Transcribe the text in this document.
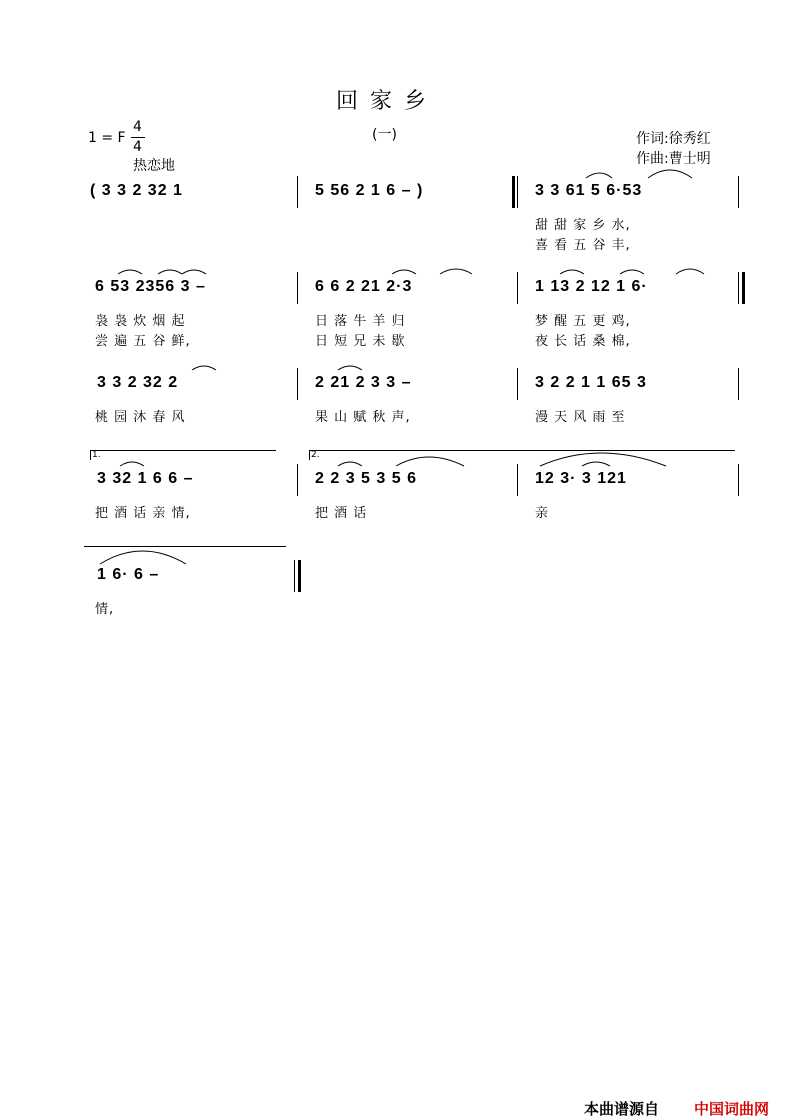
回家乡
(一)
1 = F
4
4
热恋地
作词:徐秀红
作曲:曹士明
( 3 3 2 32 1	5 56 2 1 6 – )	3 3 61 5 6·53
甜 甜 家 乡 水,
喜 看 五 谷 丰,
6 53 2356 3 –	6 6 2 21 2·3	1 13 2 12 1 6·
袅 袅 炊 烟 起	日 落 牛 羊 归	梦 醒 五 更 鸡,
尝 遍 五 谷 鲜,	日 短 兄 未 歇	夜 长 话 桑 棉,
3 3 2 32 2	2 21 2 3 3 –	3 2 2 1 1 65 3
桃 园 沐 春 风	果 山 赋 秋 声,	漫 天 风 雨 至
1.	2.
3 32 1 6 6 –	2 2 3 5 3 5 6	12 3· 3 121
把 酒 话 亲 情,	把 酒 话	亲
1 6· 6 –
情,
本曲谱源自 中国词曲网
